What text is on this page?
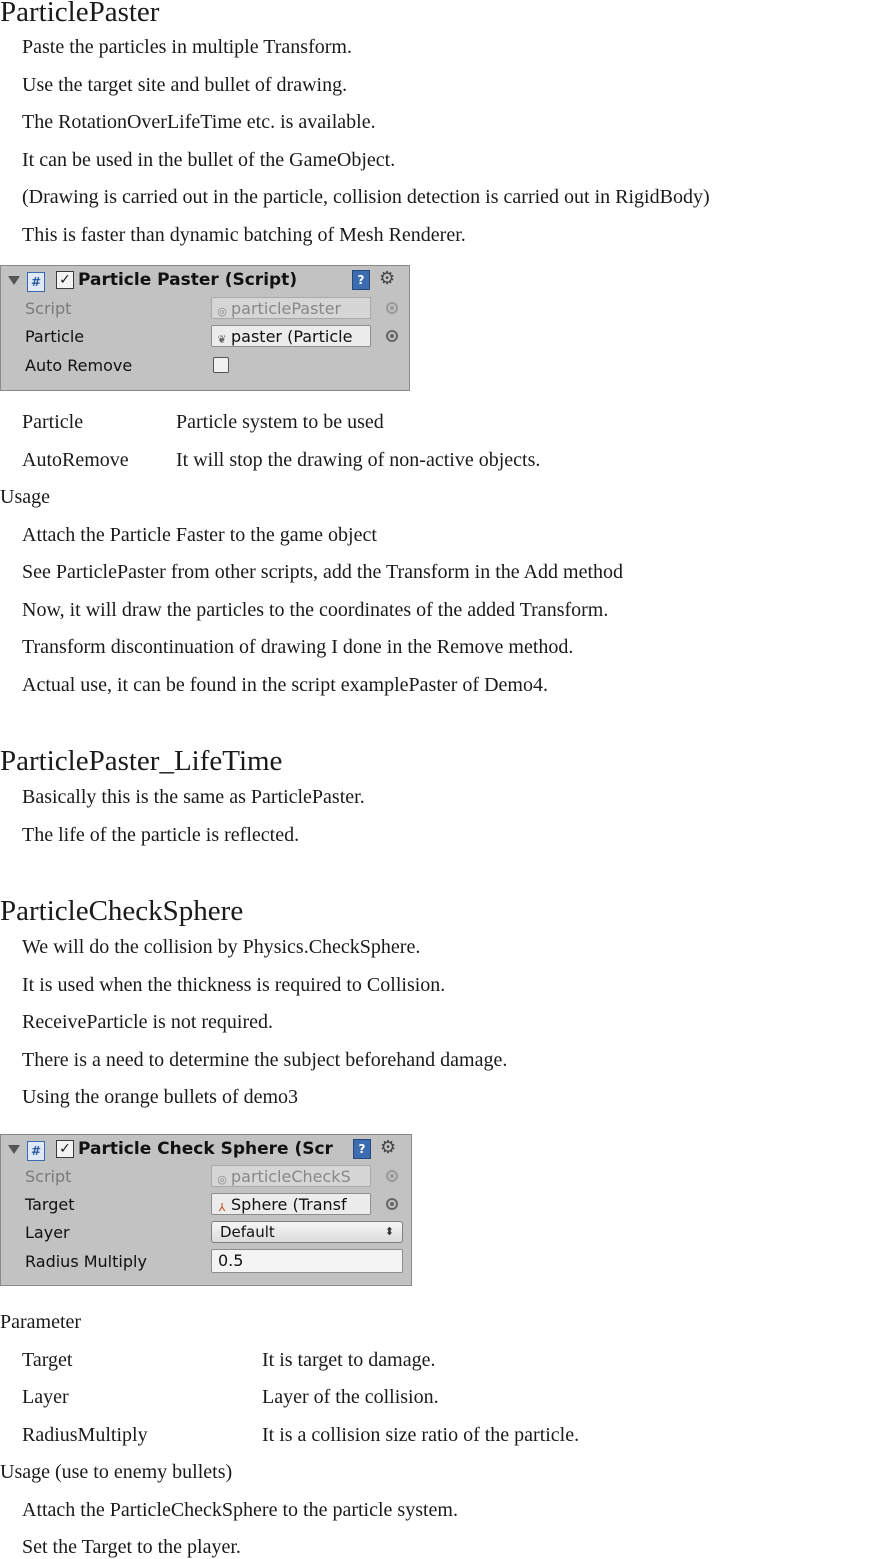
ParticlePaster
Paste the particles in multiple Transform.
Use the target site and bullet of drawing.
The RotationOverLifeTime etc. is available.
It can be used in the bullet of the GameObject.
(Drawing is carried out in the particle, collision detection is carried out in RigidBody)
This is faster than dynamic batching of Mesh Renderer.
# ✓ Particle Paster (Script)	? ⚙
Script	◎ particlePaster
Particle	❦ paster (Particle
Auto Remove
Particle	Particle system to be used
AutoRemove It will stop the drawing of non-active objects.
Usage
Attach the Particle Faster to the game object
See ParticlePaster from other scripts, add the Transform in the Add method
Now, it will draw the particles to the coordinates of the added Transform.
Transform discontinuation of drawing I done in the Remove method.
Actual use, it can be found in the script examplePaster of Demo4.
ParticlePaster_LifeTime
Basically this is the same as ParticlePaster.
The life of the particle is reflected.
ParticleCheckSphere
We will do the collision by Physics.CheckSphere.
It is used when the thickness is required to Collision.
ReceiveParticle is not required.
There is a need to determine the subject beforehand damage.
Using the orange bullets of demo3
# ✓ Particle Check Sphere (Scr	? ⚙
Script	◎ particleCheckS
Target	⅄ Sphere (Transf
Layer	Default	⬍
Radius Multiply	0.5
Parameter
Target	It is target to damage.
Layer	Layer of the collision.
RadiusMultiply	It is a collision size ratio of the particle.
Usage (use to enemy bullets)
Attach the ParticleCheckSphere to the particle system.
Set the Target to the player.
